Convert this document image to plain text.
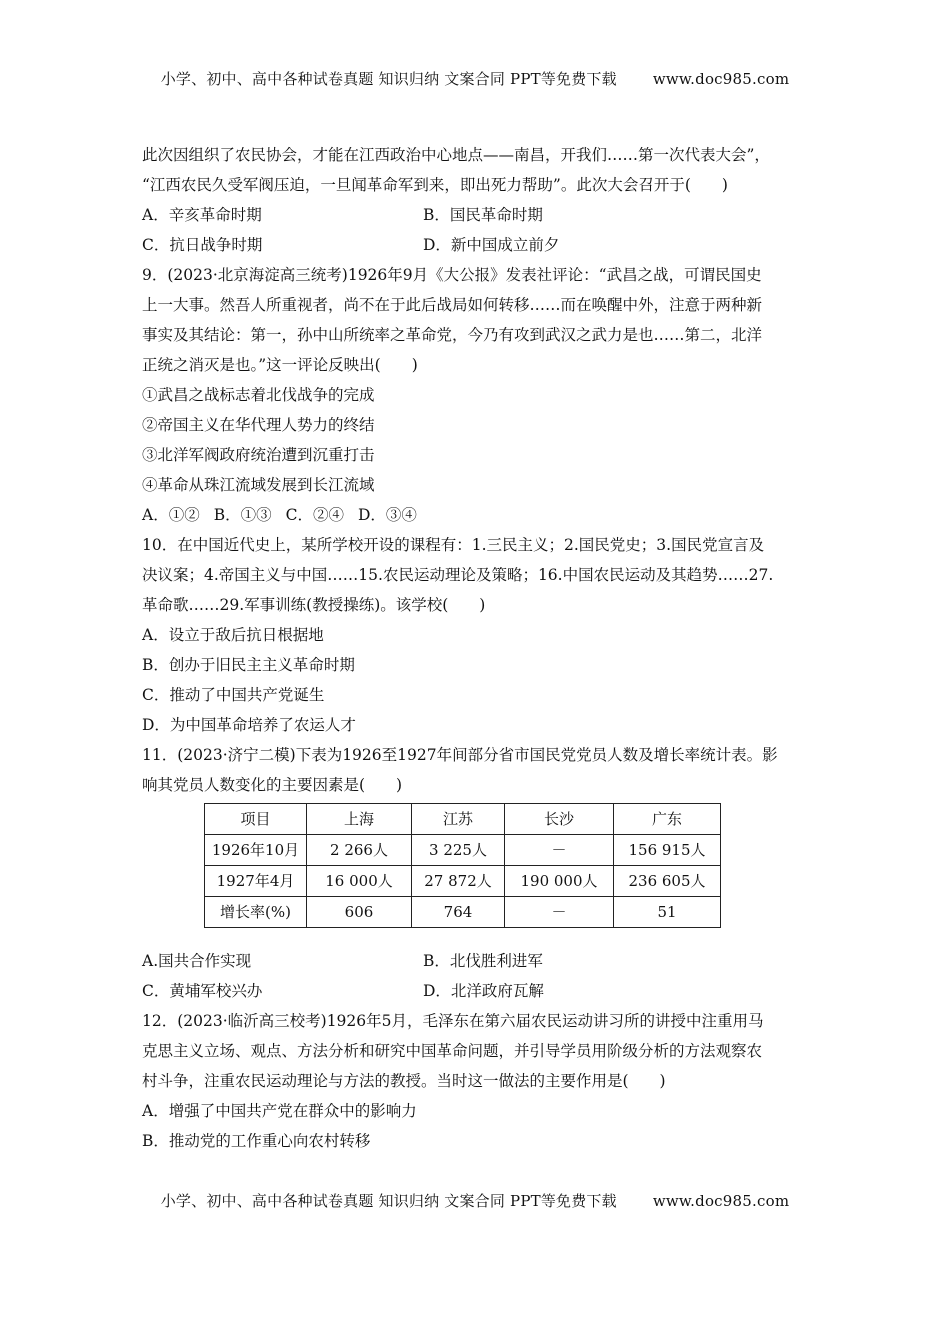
小学、初中、高中各种试卷真题 知识归纳 文案合同 PPT等免费下载 www.doc985.com
此次因组织了农民协会，才能在江西政治中心地点——南昌，开我们……第一次代表大会”，
“江西农民久受军阀压迫，一旦闻革命军到来，即出死力帮助”。此次大会召开于(　　)
A．辛亥革命时期	B．国民革命时期
C．抗日战争时期	D．新中国成立前夕
9．(2023·北京海淀高三统考)1926年9月《大公报》发表社评论：“武昌之战，可谓民国史
上一大事。然吾人所重视者，尚不在于此后战局如何转移……而在唤醒中外，注意于两种新
事实及其结论：第一，孙中山所统率之革命党，今乃有攻到武汉之武力是也……第二，北洋
正统之消灭是也。”这一评论反映出(　　)
①武昌之战标志着北伐战争的完成
②帝国主义在华代理人势力的终结
③北洋军阀政府统治遭到沉重打击
④革命从珠江流域发展到长江流域
A．①② B．①③ C．②④ D．③④
10．在中国近代史上，某所学校开设的课程有：1.三民主义；2.国民党史；3.国民党宣言及
决议案；4.帝国主义与中国……15.农民运动理论及策略；16.中国农民运动及其趋势……27.
革命歌……29.军事训练(教授操练)。该学校(　　)
A．设立于敌后抗日根据地
B．创办于旧民主主义革命时期
C．推动了中国共产党诞生
D．为中国革命培养了农运人才
11．(2023·济宁二模)下表为1926至1927年间部分省市国民党党员人数及增长率统计表。影
响其党员人数变化的主要因素是(　　)
项目	上海	江苏	长沙	广东
1926年10月	2 266人	3 225人	－	156 915人
1927年4月	16 000人	27 872人	190 000人	236 605人
增长率(%)	606	764	－	51
A.国共合作实现	B．北伐胜利进军
C．黄埔军校兴办	D．北洋政府瓦解
12．(2023·临沂高三校考)1926年5月，毛泽东在第六届农民运动讲习所的讲授中注重用马
克思主义立场、观点、方法分析和研究中国革命问题，并引导学员用阶级分析的方法观察农
村斗争，注重农民运动理论与方法的教授。当时这一做法的主要作用是(　　)
A．增强了中国共产党在群众中的影响力
B．推动党的工作重心向农村转移
小学、初中、高中各种试卷真题 知识归纳 文案合同 PPT等免费下载 www.doc985.com
